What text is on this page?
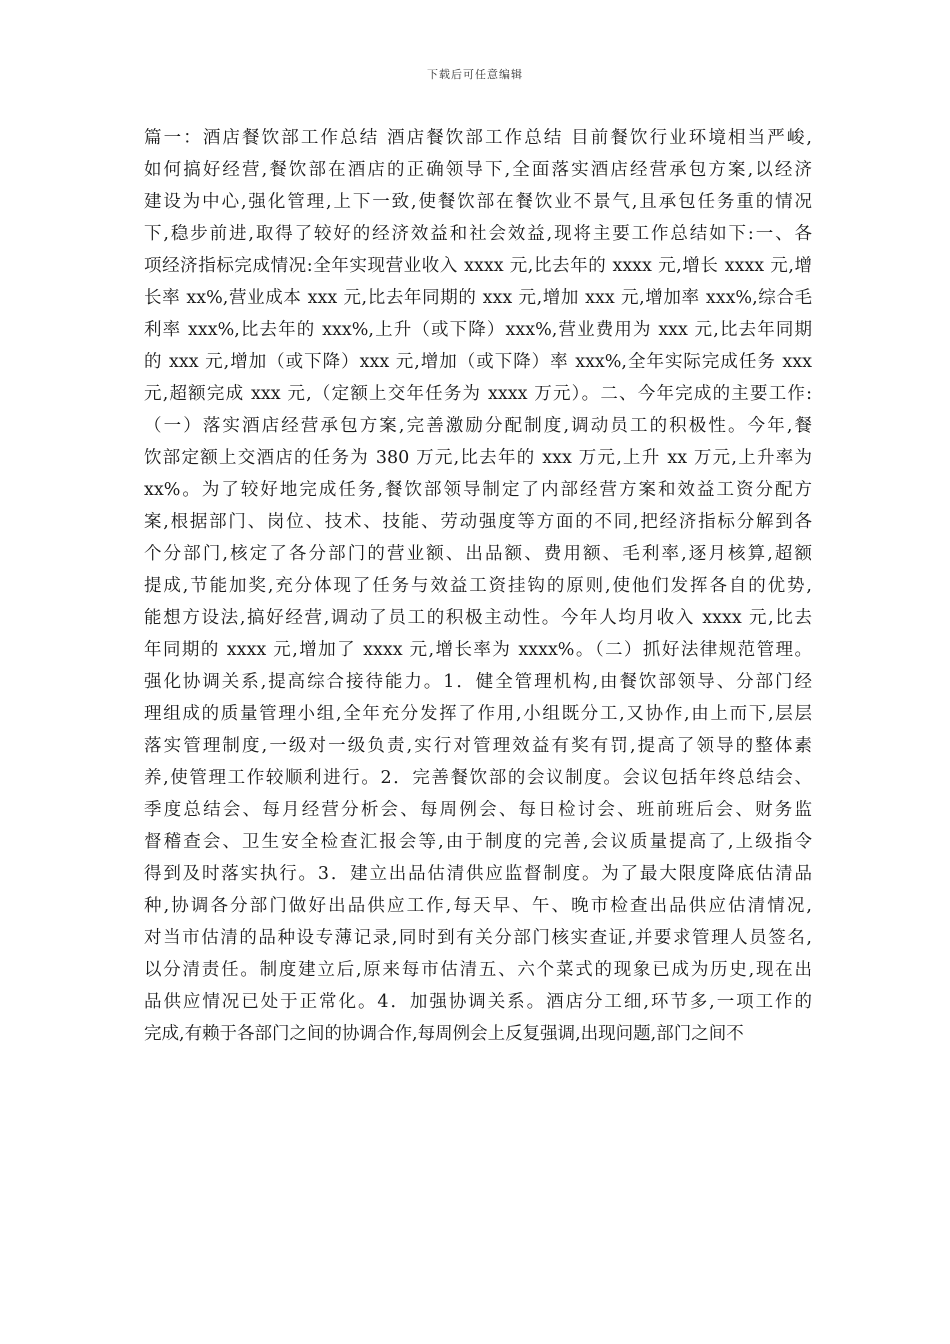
下载后可任意编辑
篇一：酒店餐饮部工作总结 酒店餐饮部工作总结 目前餐饮行业环境相当严峻,
如何搞好经营,餐饮部在酒店的正确领导下,全面落实酒店经营承包方案,以经济
建设为中心,强化管理,上下一致,使餐饮部在餐饮业不景气,且承包任务重的情况
下,稳步前进,取得了较好的经济效益和社会效益,现将主要工作总结如下:一、各
项经济指标完成情况:全年实现营业收入 xxxx 元,比去年的 xxxx 元,增长 xxxx 元,增
长率 xx%,营业成本 xxx 元,比去年同期的 xxx 元,增加 xxx 元,增加率 xxx%,综合毛
利率 xxx%,比去年的 xxx%,上升（或下降）xxx%,营业费用为 xxx 元,比去年同期
的 xxx 元,增加（或下降）xxx 元,增加（或下降）率 xxx%,全年实际完成任务 xxx
元,超额完成 xxx 元,（定额上交年任务为 xxxx 万元）。二、今年完成的主要工作:
（一）落实酒店经营承包方案,完善激励分配制度,调动员工的积极性。今年,餐
饮部定额上交酒店的任务为 380 万元,比去年的 xxx 万元,上升 xx 万元,上升率为
xx%。为了较好地完成任务,餐饮部领导制定了内部经营方案和效益工资分配方
案,根据部门、岗位、技术、技能、劳动强度等方面的不同,把经济指标分解到各
个分部门,核定了各分部门的营业额、出品额、费用额、毛利率,逐月核算,超额
提成,节能加奖,充分体现了任务与效益工资挂钩的原则,使他们发挥各自的优势,
能想方设法,搞好经营,调动了员工的积极主动性。今年人均月收入 xxxx 元,比去
年同期的 xxxx 元,增加了 xxxx 元,增长率为 xxxx%。（二）抓好法律规范管理。
强化协调关系,提高综合接待能力。1．健全管理机构,由餐饮部领导、分部门经
理组成的质量管理小组,全年充分发挥了作用,小组既分工,又协作,由上而下,层层
落实管理制度,一级对一级负责,实行对管理效益有奖有罚,提高了领导的整体素
养,使管理工作较顺利进行。2．完善餐饮部的会议制度。会议包括年终总结会、
季度总结会、每月经营分析会、每周例会、每日检讨会、班前班后会、财务监
督稽查会、卫生安全检查汇报会等,由于制度的完善,会议质量提高了,上级指令
得到及时落实执行。3．建立出品估清供应监督制度。为了最大限度降底估清品
种,协调各分部门做好出品供应工作,每天早、午、晚市检查出品供应估清情况,
对当市估清的品种设专薄记录,同时到有关分部门核实查证,并要求管理人员签名,
以分清责任。制度建立后,原来每市估清五、六个菜式的现象已成为历史,现在出
品供应情况已处于正常化。4．加强协调关系。酒店分工细,环节多,一项工作的
完成,有赖于各部门之间的协调合作,每周例会上反复强调,出现问题,部门之间不
